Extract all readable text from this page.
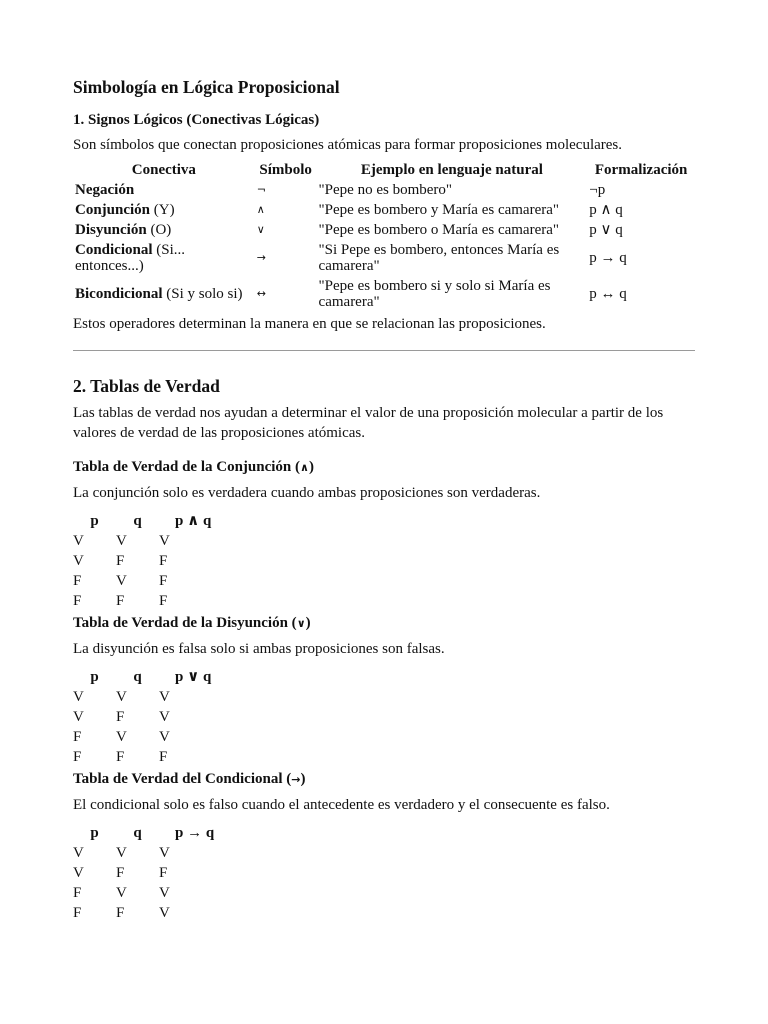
Simbología en Lógica Proposicional
1. Signos Lógicos (Conectivas Lógicas)

Son símbolos que conectan proposiciones atómicas para formar proposiciones moleculares.

Conectiva	Símbolo	Ejemplo en lenguaje natural	Formalización
Negación	¬	"Pepe no es bombero"	¬p
Conjunción (Y)	∧	"Pepe es bombero y María es camarera"	p ∧ q
Disyunción (O)	∨	"Pepe es bombero o María es camarera"	p ∨ q
Condicional (Si... entonces...)	→	"Si Pepe es bombero, entonces María es camarera"	p → q
Bicondicional (Si y solo si)	↔	"Pepe es bombero si y solo si María es camarera"	p ↔ q

Estos operadores determinan la manera en que se relacionan las proposiciones.

2. Tablas de Verdad

Las tablas de verdad nos ayudan a determinar el valor de una proposición molecular a partir de los valores de verdad de las proposiciones atómicas.

Tabla de Verdad de la Conjunción (∧)

La conjunción solo es verdadera cuando ambas proposiciones son verdaderas.

p	q	p ∧ q
V	V	V
V	F	F
F	V	F
F	F	F
Tabla de Verdad de la Disyunción (∨)

La disyunción es falsa solo si ambas proposiciones son falsas.

p	q	p ∨ q
V	V	V
V	F	V
F	V	V
F	F	F
Tabla de Verdad del Condicional (→)

El condicional solo es falso cuando el antecedente es verdadero y el consecuente es falso.

p	q	p → q
V	V	V
V	F	F
F	V	V
F	F	V
